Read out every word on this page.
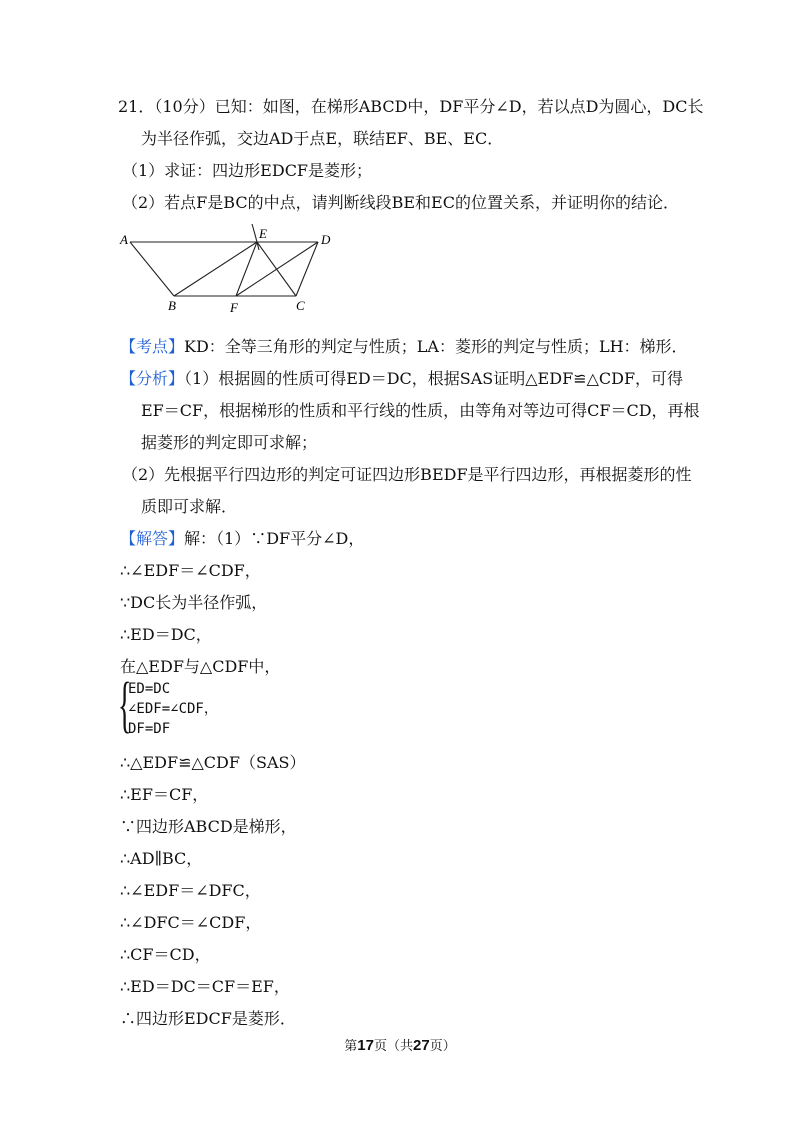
21．（10分）已知：如图，在梯形ABCD中，DF平分∠D，若以点D为圆心，DC长
为半径作弧，交边AD于点E，联结EF、BE、EC．
（1）求证：四边形EDCF是菱形；
（2）若点F是BC的中点，请判断线段BE和EC的位置关系，并证明你的结论．
A
B	F	C
D
E
【考点】KD：全等三角形的判定与性质；LA：菱形的判定与性质；LH：梯形．
【分析】（1）根据圆的性质可得ED＝DC，根据SAS证明△EDF≌△CDF，可得
EF＝CF，根据梯形的性质和平行线的性质，由等角对等边可得CF＝CD，再根
据菱形的判定即可求解；
（2）先根据平行四边形的判定可证四边形BEDF是平行四边形，再根据菱形的性
质即可求解．
【解答】解：（1）∵DF平分∠D，
∴∠EDF＝∠CDF，
∵DC长为半径作弧，
∴ED＝DC，
在△EDF与△CDF中，
{
ED=DC
∠EDF=∠CDF，
DF=DF
∴△EDF≌△CDF（SAS）
∴EF＝CF，
∵四边形ABCD是梯形，
∴AD∥BC，
∴∠EDF＝∠DFC，
∴∠DFC＝∠CDF，
∴CF＝CD，
∴ED＝DC＝CF＝EF，
∴四边形EDCF是菱形．
第17页（共27页）
